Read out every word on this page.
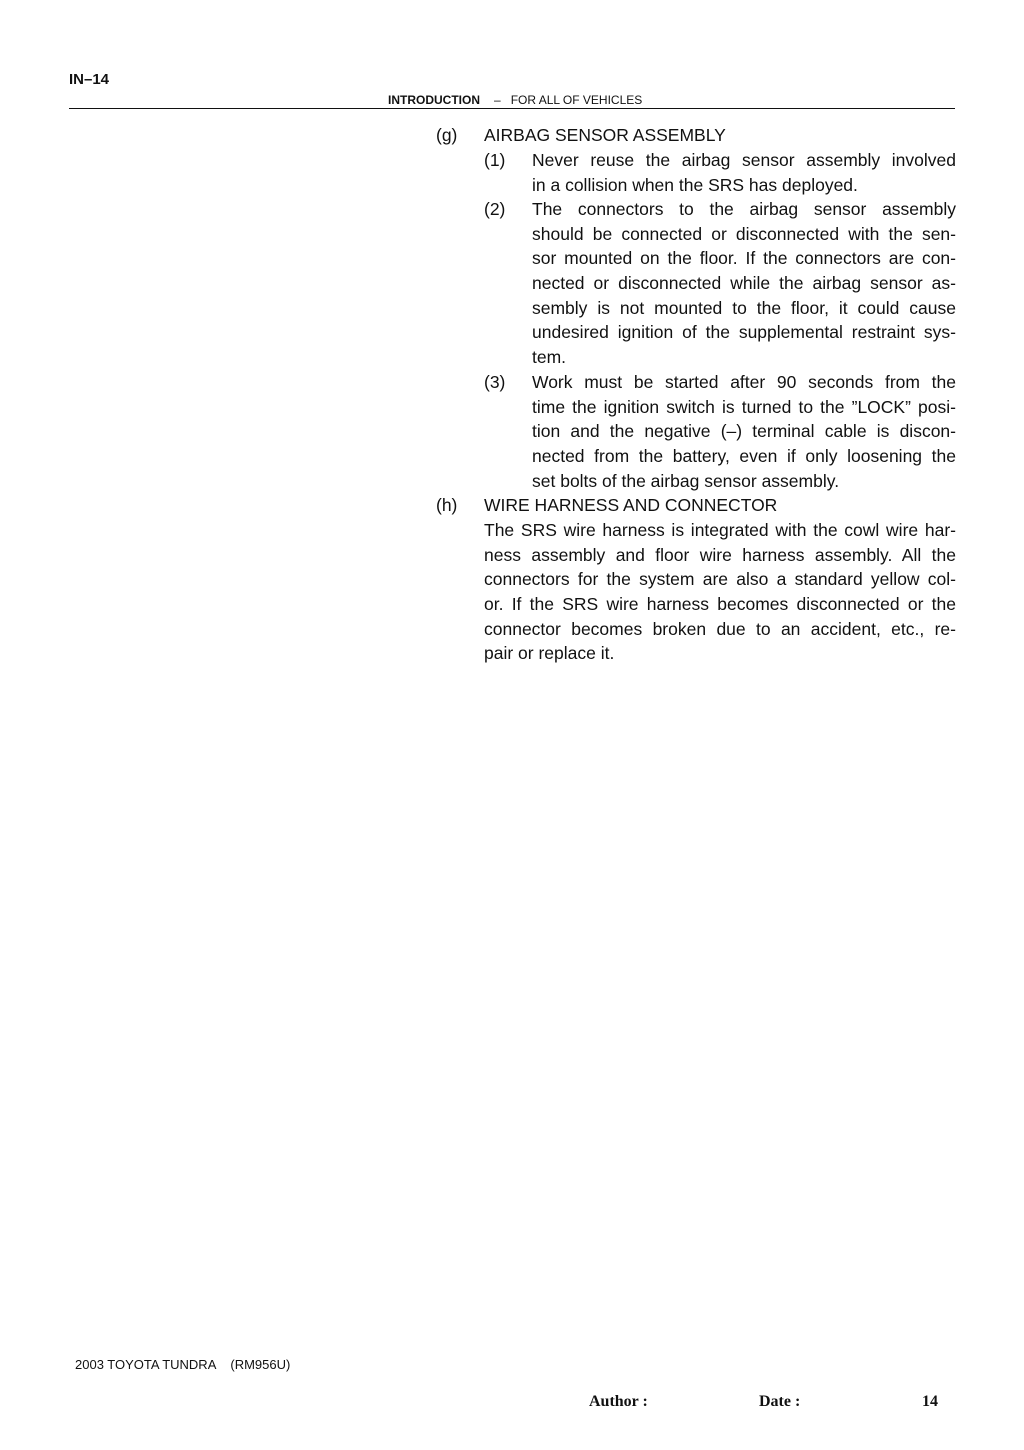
IN–14
INTRODUCTION – FOR ALL OF VEHICLES
(g) AIRBAG SENSOR ASSEMBLY
(1) Never reuse the airbag sensor assembly involved
in a collision when the SRS has deployed.
(2) The connectors to the airbag sensor assembly
should be connected or disconnected with the sen-
sor mounted on the floor. If the connectors are con-
nected or disconnected while the airbag sensor as-
sembly is not mounted to the floor, it could cause
undesired ignition of the supplemental restraint sys-
tem.
(3) Work must be started after 90 seconds from the
time the ignition switch is turned to the ”LOCK” posi-
tion and the negative (–) terminal cable is discon-
nected from the battery, even if only loosening the
set bolts of the airbag sensor assembly.
(h) WIRE HARNESS AND CONNECTOR
The SRS wire harness is integrated with the cowl wire har-
ness assembly and floor wire harness assembly. All the
connectors for the system are also a standard yellow col-
or. If the SRS wire harness becomes disconnected or the
connector becomes broken due to an accident, etc., re-
pair or replace it.
2003 TOYOTA TUNDRA (RM956U)
Author :	Date :	14
